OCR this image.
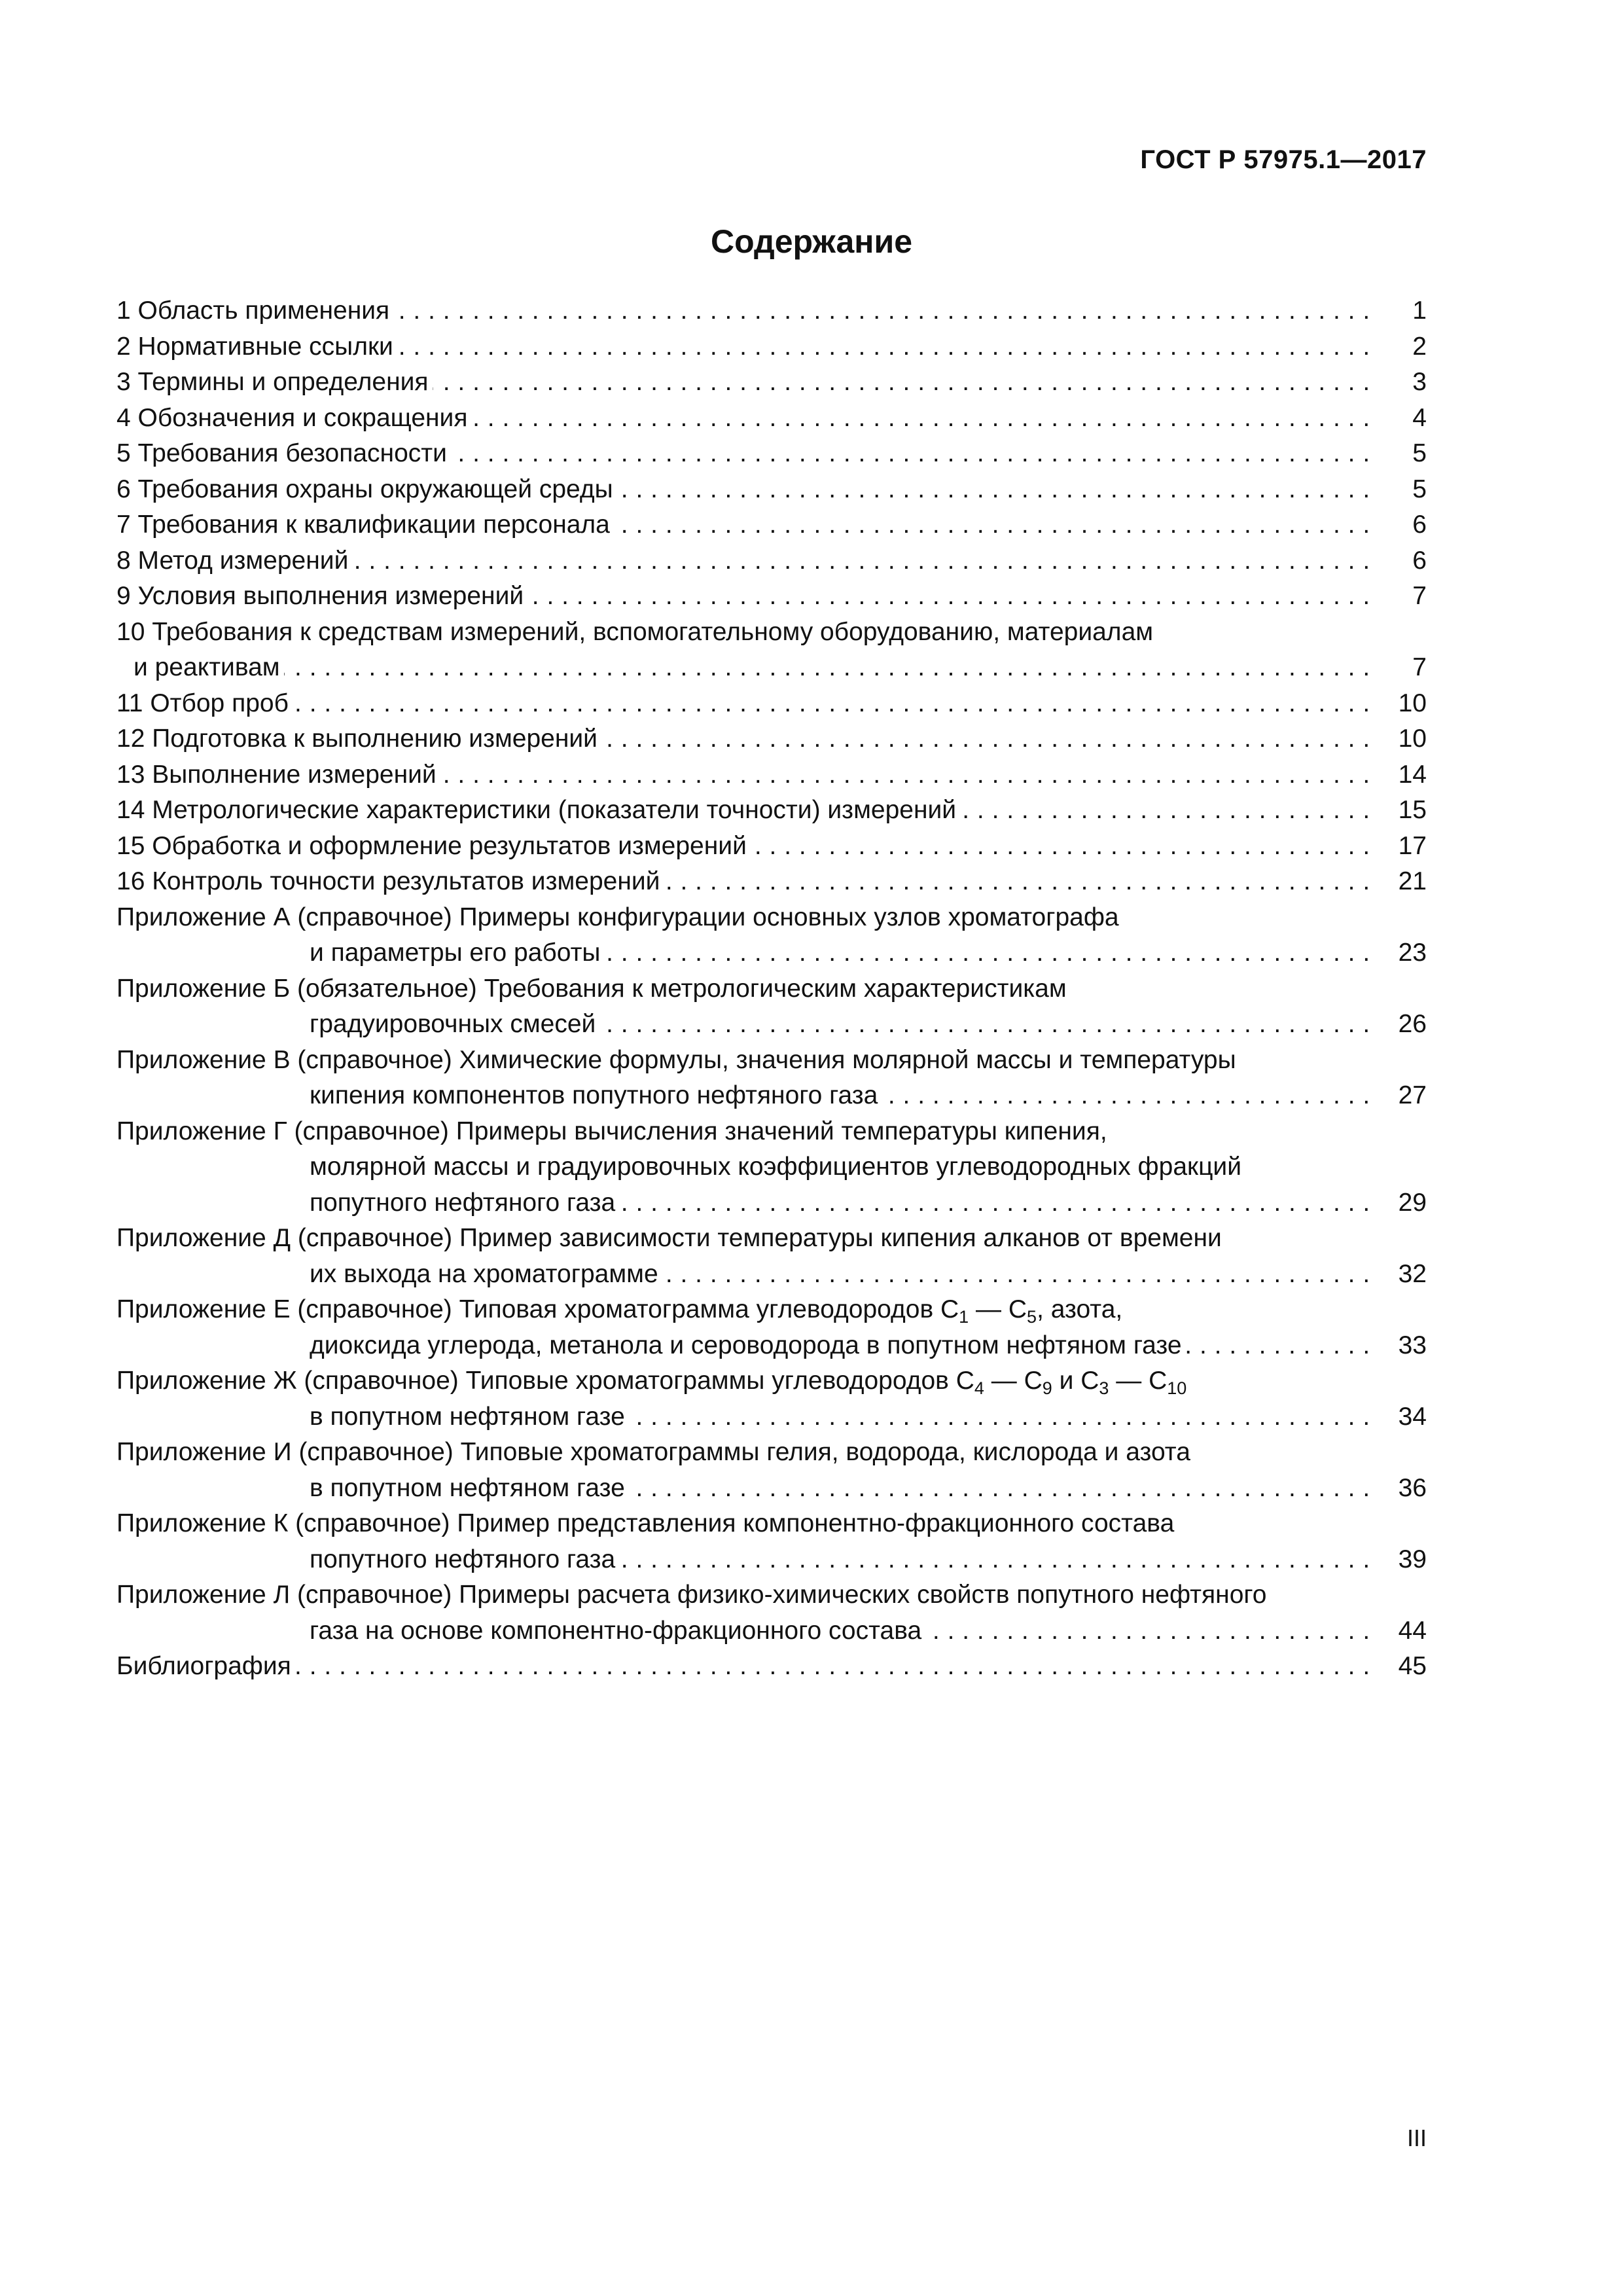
ГОСТ Р 57975.1—2017
Содержание
1 Область применения	1
. . .
2 Нормативные ссылки	2
. . .
3 Термины и определения	3
. . .
4 Обозначения и сокращения	4
. . .
5 Требования безопасности	5
. . .
6 Требования охраны окружающей среды	5
. . .
7 Требования к квалификации персонала	6
. . .
8 Метод измерений	6
. . .
9 Условия выполнения измерений	7
. . .
10 Требования к средствам измерений, вспомогательному оборудованию, материалам
и реактивам	7
. . .
11 Отбор проб	10
. . .
12 Подготовка к выполнению измерений	10
. . .
13 Выполнение измерений	14
. . .
14 Метрологические характеристики (показатели точности) измерений	15
. . .
15 Обработка и оформление результатов измерений	17
. . .
16 Контроль точности результатов измерений	21
. . .
Приложение А (справочное) Примеры конфигурации основных узлов хроматографа
и параметры его работы	23
. . .
Приложение Б (обязательное) Требования к метрологическим характеристикам
градуировочных смесей	26
. . .
Приложение В (справочное) Химические формулы, значения молярной массы и температуры
кипения компонентов попутного нефтяного газа	27
. . .
Приложение Г (справочное) Примеры вычисления значений температуры кипения,
молярной массы и градуировочных коэффициентов углеводородных фракций
попутного нефтяного газа	29
. . .
Приложение Д (справочное) Пример зависимости температуры кипения алканов от времени
их выхода на хроматограмме	32
. . .
Приложение Е (справочное) Типовая хроматограмма углеводородов $C_1$ — $C_5$, азота,
диоксида углерода, метанола и сероводорода в попутном нефтяном газе	33
. . .
Приложение Ж (справочное) Типовые хроматограммы углеводородов $C_4$ — $C_9$ и $C_3$ — $C_{10}$
в попутном нефтяном газе	34
. . .
Приложение И (справочное) Типовые хроматограммы гелия, водорода, кислорода и азота
в попутном нефтяном газе	36
. . .
Приложение К (справочное) Пример представления компонентно-фракционного состава
попутного нефтяного газа	39
. . .
Приложение Л (справочное) Примеры расчета физико-химических свойств попутного нефтяного
газа на основе компонентно-фракционного состава	44
. . .
Библиография	45
. . .
III
